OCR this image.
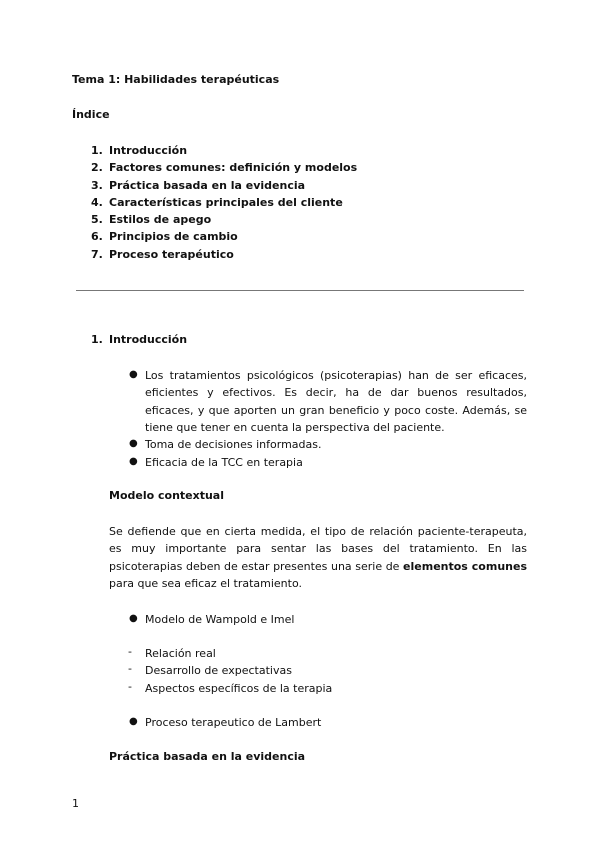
Tema 1: Habilidades terapéuticas
Índice
1. Introducción
2. Factores comunes: definición y modelos
3. Práctica basada en la evidencia
4. Características principales del cliente
5. Estilos de apego
6. Principios de cambio
7. Proceso terapéutico
1. Introducción
● Los tratamientos psicológicos (psicoterapias) han de ser eficaces, eficientes y efectivos. Es decir, ha de dar buenos resultados, eficaces, y que aporten un gran beneficio y poco coste. Además, se tiene que tener en cuenta la perspectiva del paciente.
● Toma de decisiones informadas.
● Eficacia de la TCC en terapia
Modelo contextual
Se defiende que en cierta medida, el tipo de relación paciente-terapeuta, es muy importante para sentar las bases del tratamiento. En las psicoterapias deben de estar presentes una serie de elementos comunes para que sea eficaz el tratamiento.
● Modelo de Wampold e Imel
- Relación real
- Desarrollo de expectativas
- Aspectos específicos de la terapia
● Proceso terapeutico de Lambert
Práctica basada en la evidencia
1
